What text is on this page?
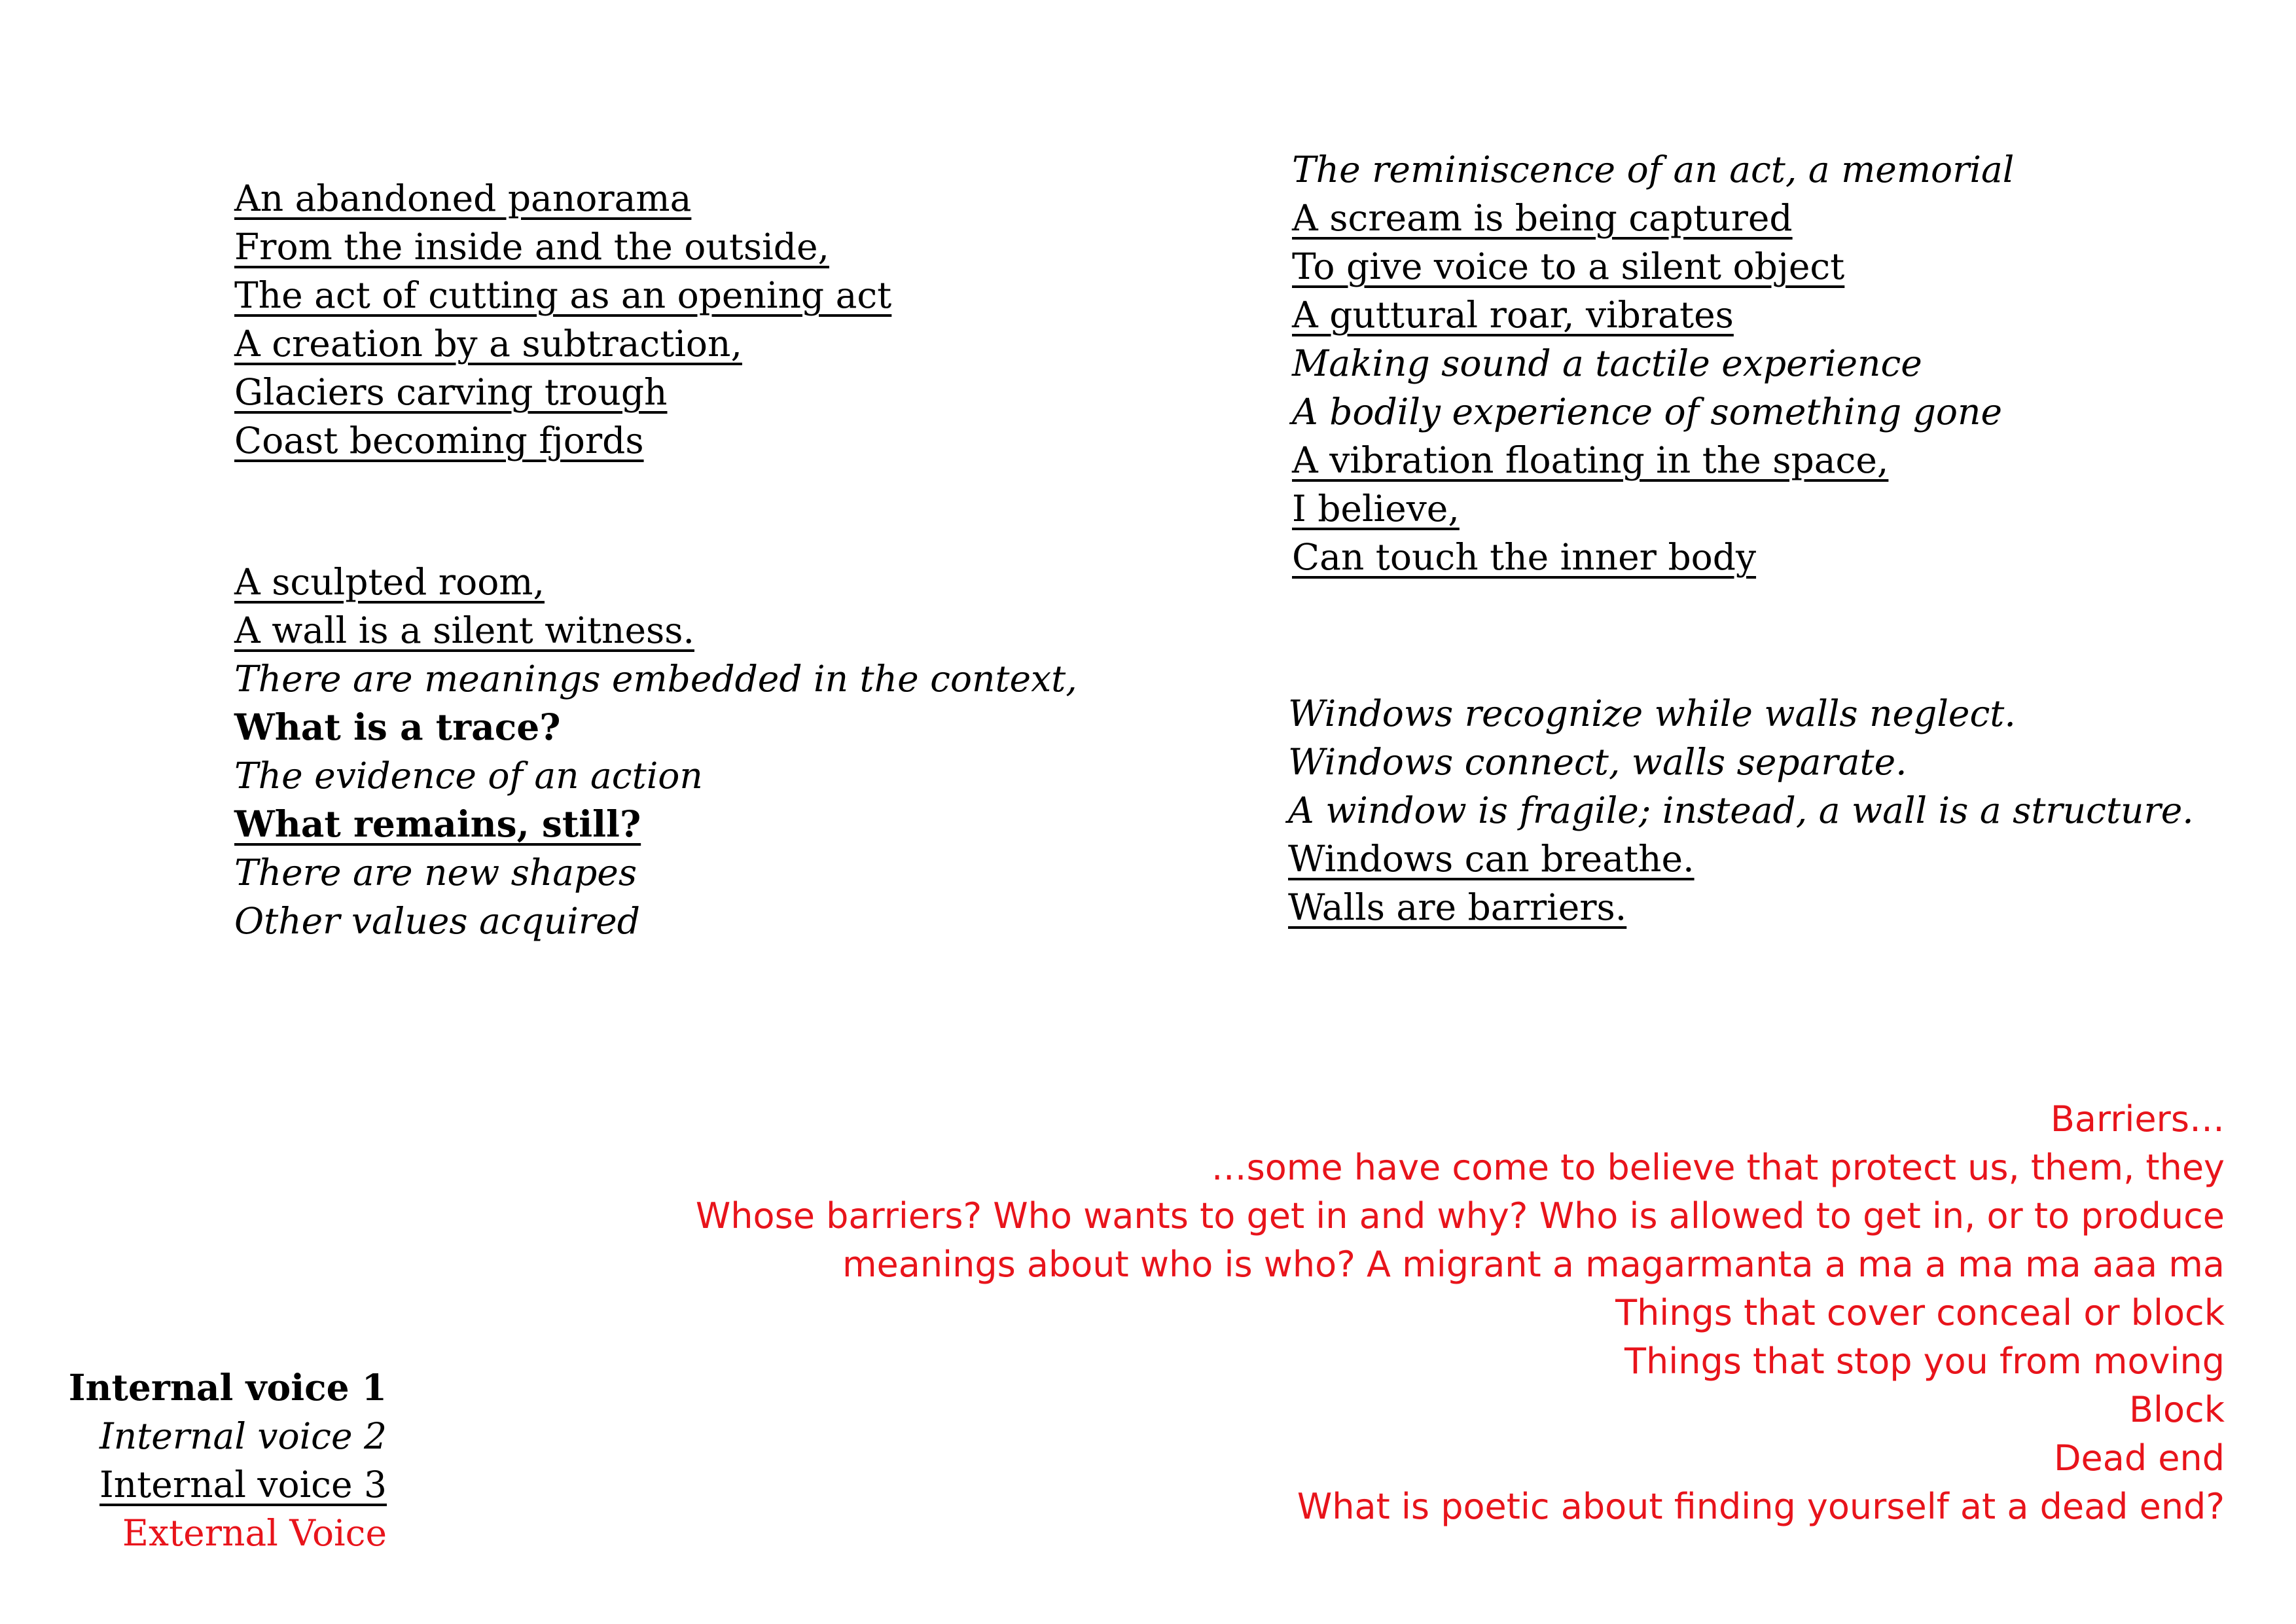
An abandoned panorama
From the inside and the outside,
The act of cutting as an opening act
A creation by a subtraction,
Glaciers carving trough
Coast becoming fjords
A sculpted room,
A wall is a silent witness.
There are meanings embedded in the context,
What is a trace?
The evidence of an action
What remains, still?
There are new shapes
Other values acquired
The reminiscence of an act, a memorial
A scream is being captured
To give voice to a silent object
A guttural roar, vibrates
Making sound a tactile experience
A bodily experience of something gone
A vibration floating in the space,
I believe,
Can touch the inner body
Windows recognize while walls neglect.
Windows connect, walls separate.
A window is fragile; instead, a wall is a structure.
Windows can breathe.
Walls are barriers.
Barriers…
…some have come to believe that protect us, them, they
Whose barriers? Who wants to get in and why? Who is allowed to get in, or to produce
meanings about who is who? A migrant a magarmanta a ma a ma ma aaa ma
Things that cover conceal or block
Things that stop you from moving
Block
Dead end
What is poetic about finding yourself at a dead end?
Internal voice 1
Internal voice 2
Internal voice 3
External Voice
